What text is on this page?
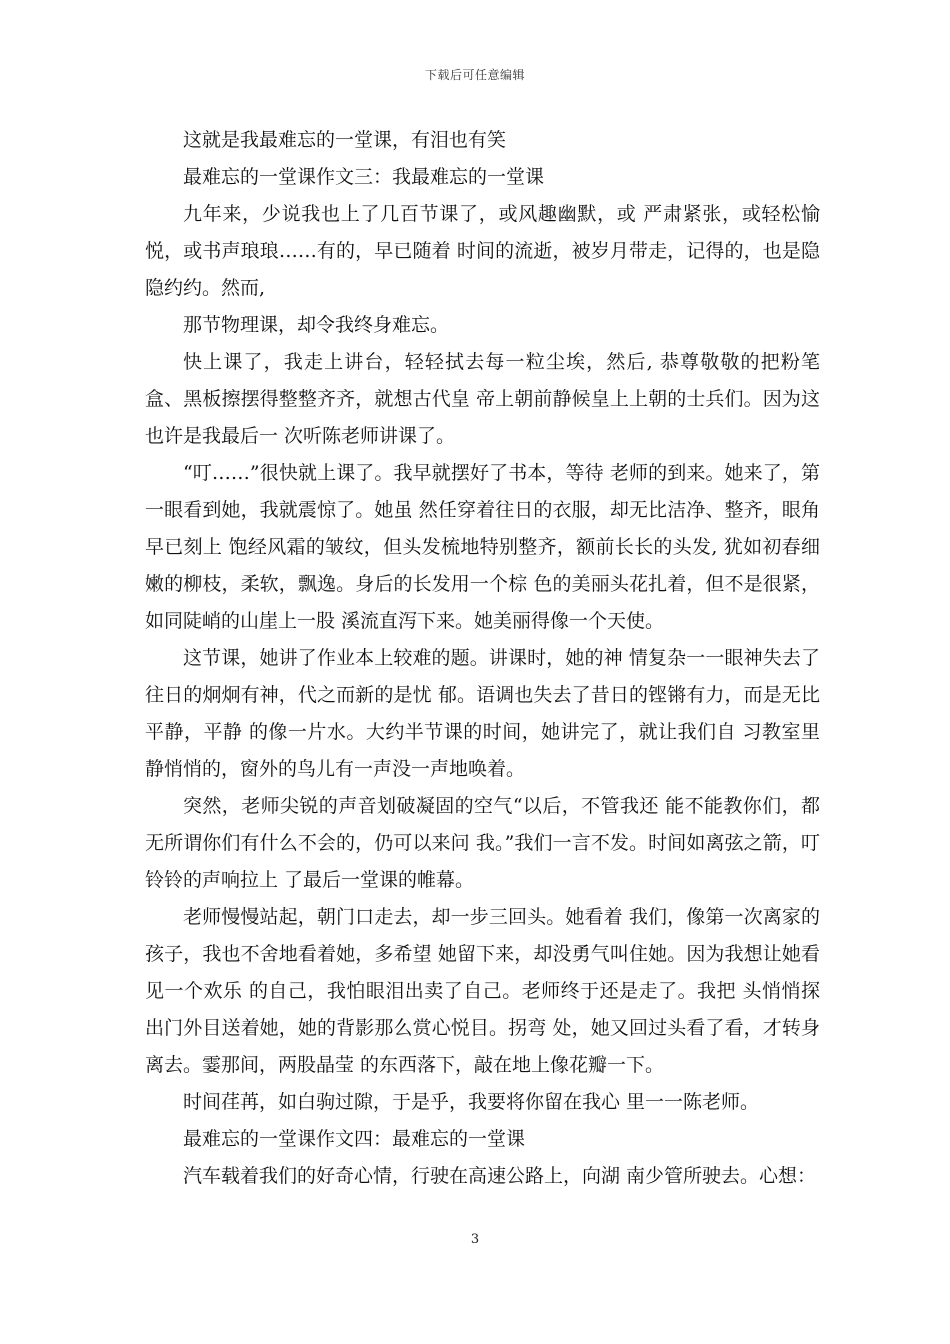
下载后可任意编辑

这就是我最难忘的一堂课，有泪也有笑

最难忘的一堂课作文三：我最难忘的一堂课

九年来，少说我也上了几百节课了，或风趣幽默，或 严肃紧张，或轻松愉悦，或书声琅琅……有的，早已随着 时间的流逝，被岁月带走，记得的，也是隐隐约约。然而,

那节物理课，却令我终身难忘。

快上课了，我走上讲台，轻轻拭去每一粒尘埃，然后, 恭尊敬敬的把粉笔盒、黑板擦摆得整整齐齐，就想古代皇 帝上朝前静候皇上上朝的士兵们。因为这也许是我最后一 次听陈老师讲课了。

“叮……”很快就上课了。我早就摆好了书本，等待 老师的到来。她来了，第一眼看到她，我就震惊了。她虽 然任穿着往日的衣服，却无比洁净、整齐，眼角早已刻上 饱经风霜的皱纹，但头发梳地特别整齐，额前长长的头发, 犹如初春细嫩的柳枝，柔软，飘逸。身后的长发用一个棕 色的美丽头花扎着，但不是很紧，如同陡峭的山崖上一股 溪流直泻下来。她美丽得像一个天使。

这节课，她讲了作业本上较难的题。讲课时，她的神 情复杂一一眼神失去了往日的炯炯有神，代之而新的是忧 郁。语调也失去了昔日的铿锵有力，而是无比平静，平静 的像一片水。大约半节课的时间，她讲完了，就让我们自 习教室里静悄悄的，窗外的鸟儿有一声没一声地唤着。

突然，老师尖锐的声音划破凝固的空气“以后，不管我还 能不能教你们，都无所谓你们有什么不会的，仍可以来问 我。”我们一言不发。时间如离弦之箭，叮铃铃的声响拉上 了最后一堂课的帷幕。

老师慢慢站起，朝门口走去，却一步三回头。她看着 我们，像第一次离家的孩子，我也不舍地看着她，多希望 她留下来，却没勇气叫住她。因为我想让她看见一个欢乐 的自己，我怕眼泪出卖了自己。老师终于还是走了。我把 头悄悄探出门外目送着她，她的背影那么赏心悦目。拐弯 处，她又回过头看了看，才转身离去。霎那间，两股晶莹 的东西落下，敲在地上像花瓣一下。

时间荏苒，如白驹过隙，于是乎，我要将你留在我心 里一一陈老师。

最难忘的一堂课作文四：最难忘的一堂课

汽车载着我们的好奇心情，行驶在高速公路上，向湖 南少管所驶去。心想：

3
